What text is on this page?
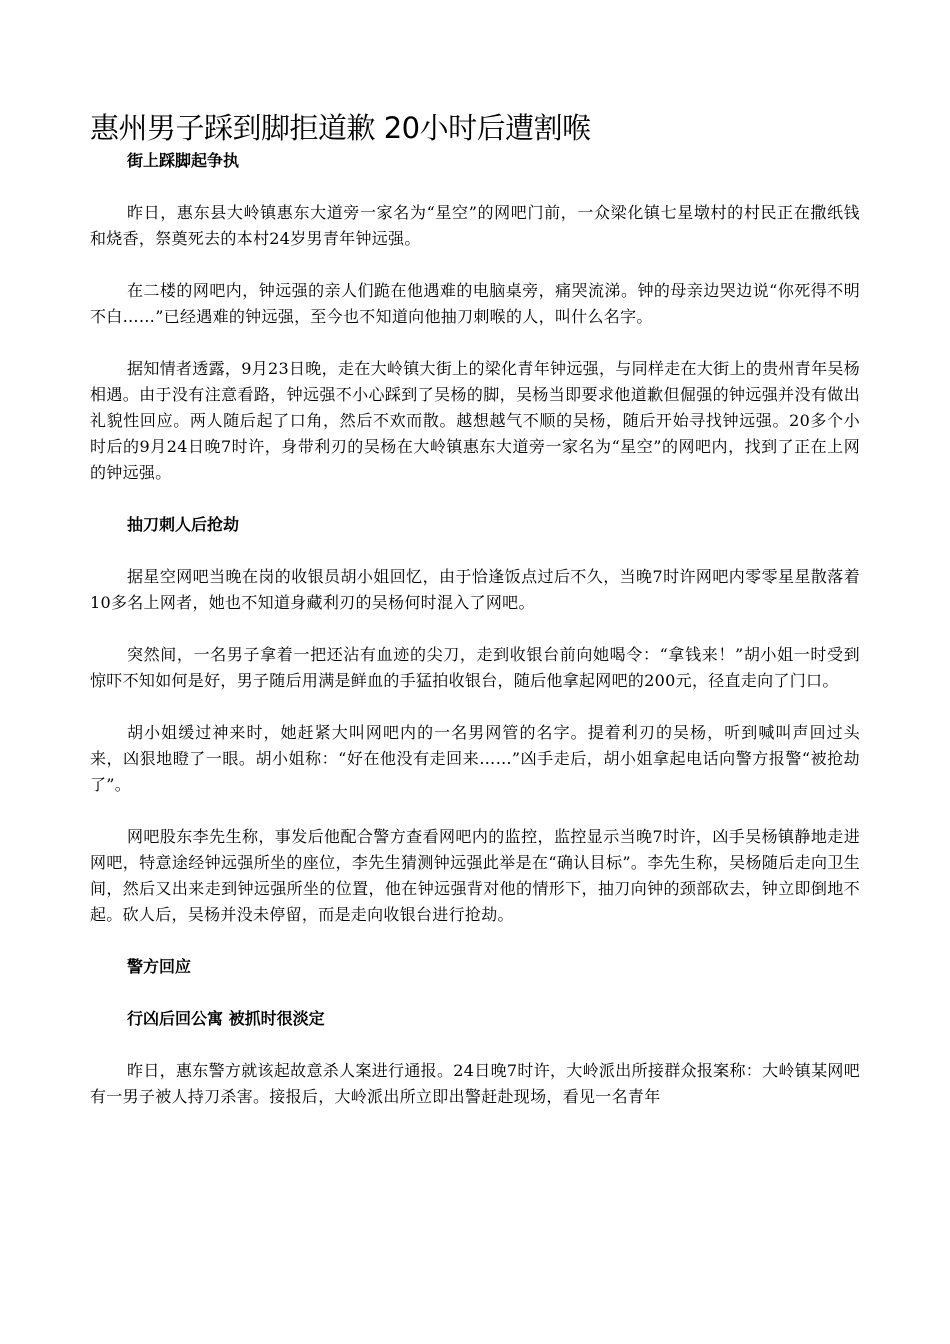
惠州男子踩到脚拒道歉 20小时后遭割喉
街上踩脚起争执

昨日，惠东县大岭镇惠东大道旁一家名为“星空”的网吧门前，一众梁化镇七星墩村的村民正在撒纸钱和烧香，祭奠死去的本村24岁男青年钟远强。

在二楼的网吧内，钟远强的亲人们跪在他遇难的电脑桌旁，痛哭流涕。钟的母亲边哭边说“你死得不明不白……”已经遇难的钟远强，至今也不知道向他抽刀刺喉的人，叫什么名字。

据知情者透露，9月23日晚，走在大岭镇大街上的梁化青年钟远强，与同样走在大街上的贵州青年吴杨相遇。由于没有注意看路，钟远强不小心踩到了吴杨的脚，吴杨当即要求他道歉但倔强的钟远强并没有做出礼貌性回应。两人随后起了口角，然后不欢而散。越想越气不顺的吴杨，随后开始寻找钟远强。20多个小时后的9月24日晚7时许，身带利刃的吴杨在大岭镇惠东大道旁一家名为“星空”的网吧内，找到了正在上网的钟远强。

抽刀刺人后抢劫

据星空网吧当晚在岗的收银员胡小姐回忆，由于恰逢饭点过后不久，当晚7时许网吧内零零星星散落着10多名上网者，她也不知道身藏利刃的吴杨何时混入了网吧。

突然间，一名男子拿着一把还沾有血迹的尖刀，走到收银台前向她喝令：“拿钱来！”胡小姐一时受到惊吓不知如何是好，男子随后用满是鲜血的手猛拍收银台，随后他拿起网吧的200元，径直走向了门口。

胡小姐缓过神来时，她赶紧大叫网吧内的一名男网管的名字。提着利刃的吴杨，听到喊叫声回过头来，凶狠地瞪了一眼。胡小姐称：“好在他没有走回来……”凶手走后，胡小姐拿起电话向警方报警“被抢劫了”。

网吧股东李先生称，事发后他配合警方查看网吧内的监控，监控显示当晚7时许，凶手吴杨镇静地走进网吧，特意途经钟远强所坐的座位，李先生猜测钟远强此举是在“确认目标”。李先生称，吴杨随后走向卫生间，然后又出来走到钟远强所坐的位置，他在钟远强背对他的情形下，抽刀向钟的颈部砍去，钟立即倒地不起。砍人后，吴杨并没未停留，而是走向收银台进行抢劫。

警方回应
行凶后回公寓 被抓时很淡定

昨日，惠东警方就该起故意杀人案进行通报。24日晚7时许，大岭派出所接群众报案称：大岭镇某网吧有一男子被人持刀杀害。接报后，大岭派出所立即出警赶赴现场，看见一名青年
